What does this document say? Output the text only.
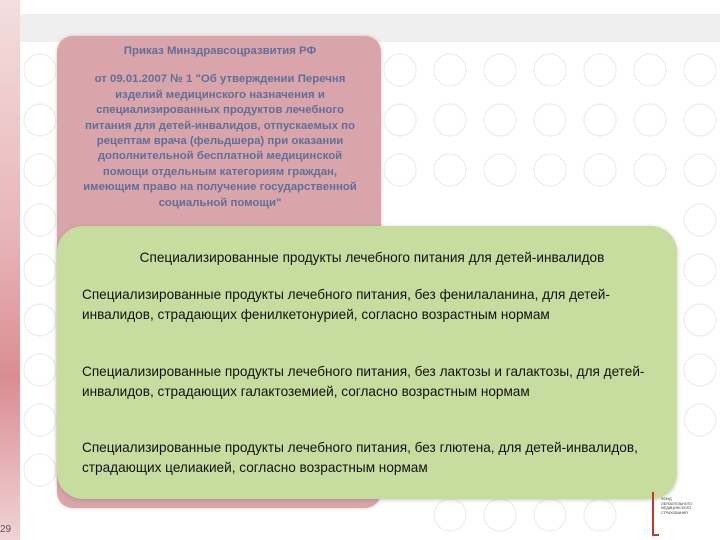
Приказ Минздравсоцразвития РФ
от 09.01.2007 № 1 "Об утверждении Перечня
изделий медицинского назначения и
специализированных продуктов лечебного
питания для детей-инвалидов, отпускаемых по
рецептам врача (фельдшера) при оказании
дополнительной бесплатной медицинской
помощи отдельным категориям граждан,
имеющим право на получение государственной
социальной помощи"

Специализированные продукты лечебного питания для детей-инвалидов

Специализированные продукты лечебного питания, без фенилаланина, для детей-инвалидов, страдающих фенилкетонурией, согласно возрастным нормам

Специализированные продукты лечебного питания, без лактозы и галактозы, для детей-инвалидов, страдающих галактоземией, согласно возрастным нормам

Специализированные продукты лечебного питания, без глютена, для детей-инвалидов, страдающих целиакией, согласно возрастным нормам

29

ФОНД
ОБЯЗАТЕЛЬНОГО
МЕДИЦИНСКОГО
СТРАХОВАНИЯ
